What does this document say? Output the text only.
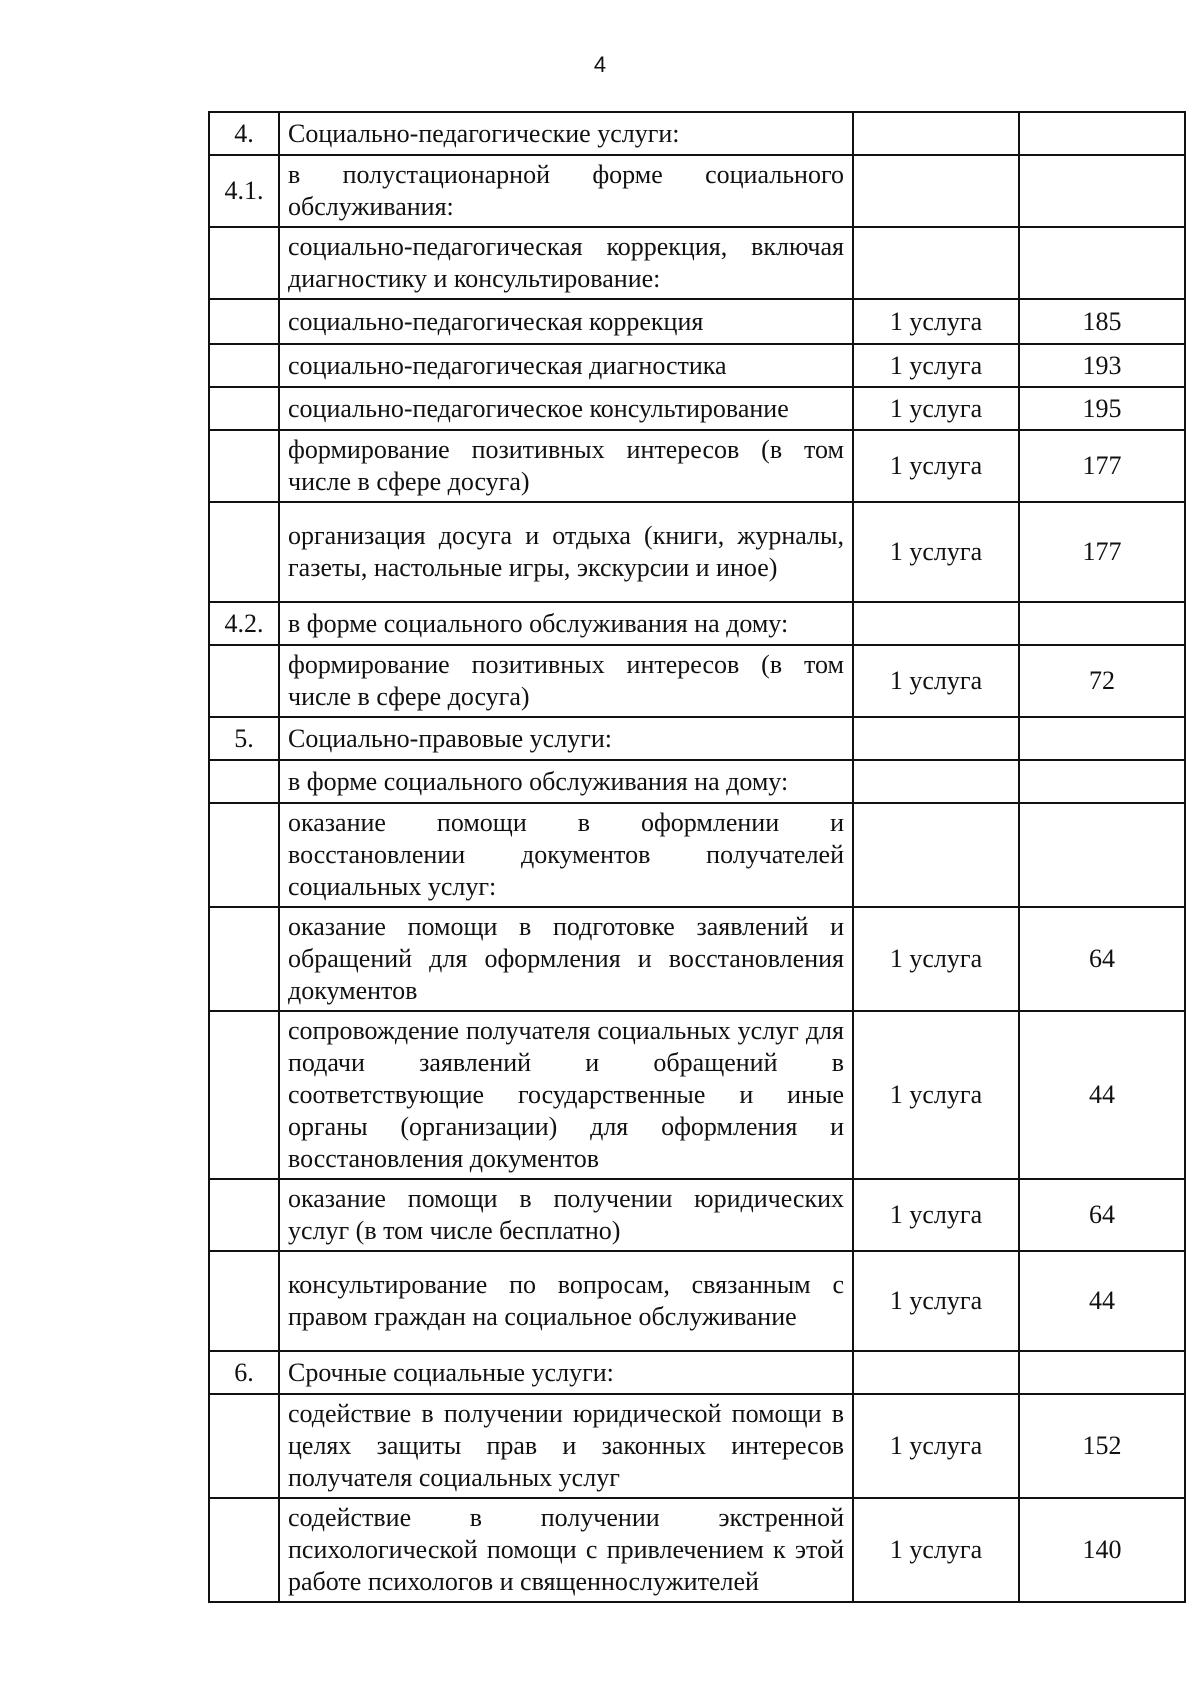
4
4.	Социально-педагогические услуги:		
4.1.	в полустационарной форме социального обслуживания:		
	социально-педагогическая коррекция, включая диагностику и консультирование:		
	социально-педагогическая коррекция	1 услуга	185
	социально-педагогическая диагностика	1 услуга	193
	социально-педагогическое консультирование	1 услуга	195
	формирование позитивных интересов (в том числе в сфере досуга)	1 услуга	177
	организация досуга и отдыха (книги, журналы, газеты, настольные игры, экскурсии и иное)	1 услуга	177
4.2.	в форме социального обслуживания на дому:		
	формирование позитивных интересов (в том числе в сфере досуга)	1 услуга	72
5.	Социально-правовые услуги:		
	в форме социального обслуживания на дому:		
	оказание помощи в оформлении и восстановлении документов получателей социальных услуг:		
	оказание помощи в подготовке заявлений и обращений для оформления и восстановления документов	1 услуга	64
	сопровождение получателя социальных услуг для подачи заявлений и обращений в соответствующие государственные и иные органы (организации) для оформления и восстановления документов	1 услуга	44
	оказание помощи в получении юридических услуг (в том числе бесплатно)	1 услуга	64
	консультирование по вопросам, связанным с правом граждан на социальное обслуживание	1 услуга	44
6.	Срочные социальные услуги:		
	содействие в получении юридической помощи в целях защиты прав и законных интересов получателя социальных услуг	1 услуга	152
	содействие в получении экстренной психологической помощи с привлечением к этой работе психологов и священнослужителей	1 услуга	140
